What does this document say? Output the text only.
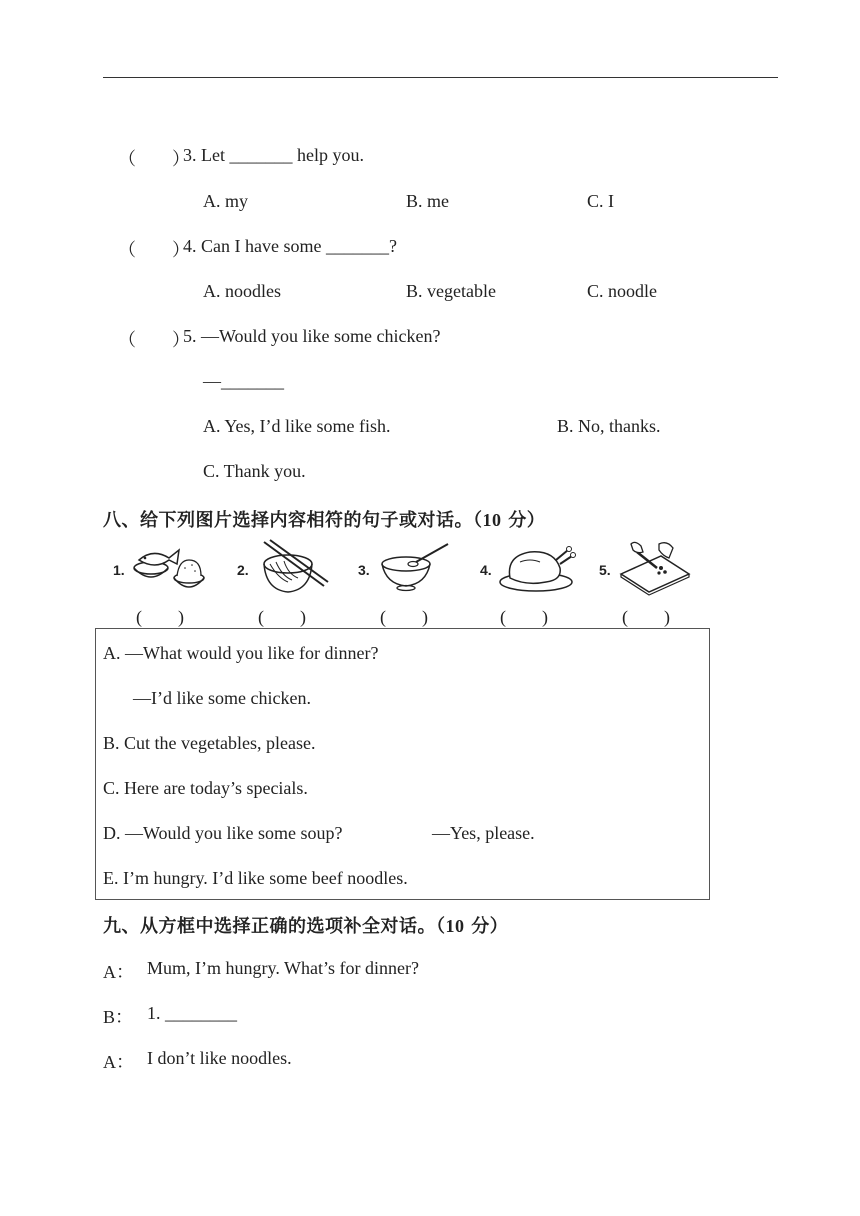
（　　）
3. Let _______ help you.
A. my	B. me	C. I
（　　）
4. Can I have some _______?
A. noodles	B. vegetable	C. noodle
（　　）
5. —Would you like some chicken?
—_______
A. Yes, I’d like some fish.	B. No, thanks.
C. Thank you.
八、给下列图片选择内容相符的句子或对话。（10 分）
1.	2.	3.	4.	5.
(　　)	(　　)	(　　)	(　　)	(　　)
A. —What would you like for dinner?
—I’d like some chicken.
B. Cut the vegetables, please.
C. Here are today’s specials.
D. —Would you like some soup?	—Yes, please.
E. I’m hungry. I’d like some beef noodles.
九、从方框中选择正确的选项补全对话。（10 分）
A： Mum, I’m hungry. What’s for dinner?
B： 1. ________
A： I don’t like noodles.
